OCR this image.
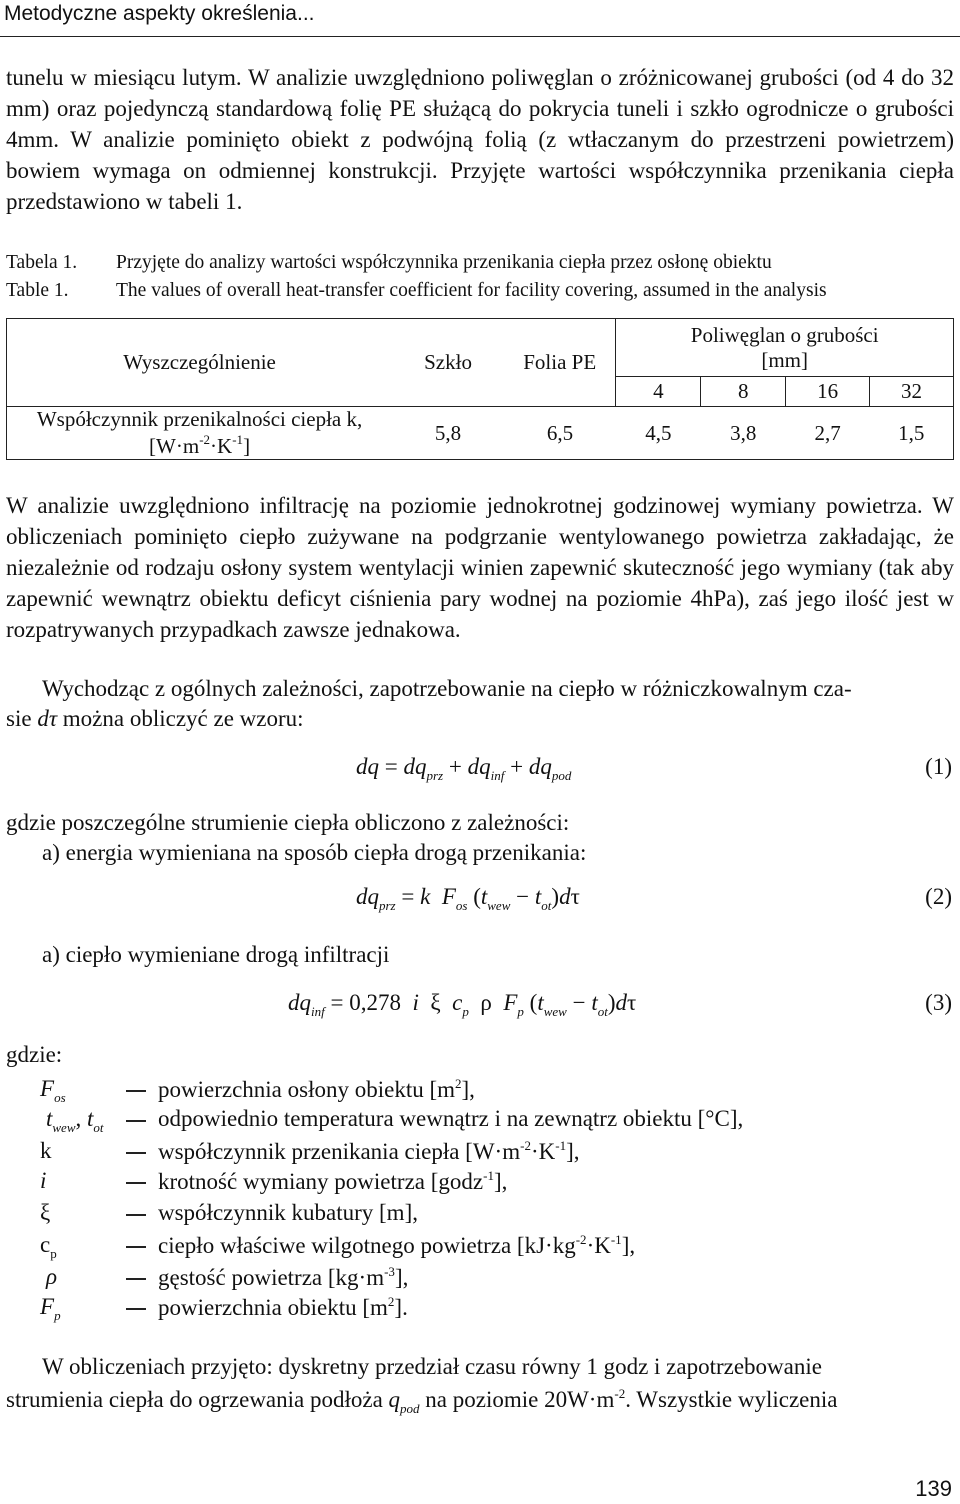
Metodyczne aspekty określenia...

tunelu w miesiącu lutym. W analizie uwzględniono poliwęglan o zróżnicowanej grubości (od 4 do 32 mm) oraz pojedynczą standardową folię PE służącą do pokrycia tuneli i szkło ogrodnicze o grubości 4mm. W analizie pominięto obiekt z podwójną folią (z wtłaczanym do przestrzeni powietrzem) bowiem wymaga on odmiennej konstrukcji. Przyjęte wartości współczynnika przenikania ciepła przedstawiono w tabeli 1.

Tabela 1. Przyjęte do analizy wartości współczynnika przenikania ciepła przez osłonę obiektu
Table 1. The values of overall heat-transfer coefficient for facility covering, assumed in the analysis
Wyszczególnienie	Szkło	Folia PE	Poliwęglan o grubości
[mm]			

			4	8	16	32

Współczynnik przenikalności ciepła k,
$[W\cdot m^{-2}\cdot K^{-1}]$	5,8	6,5	4,5	3,8	2,7	1,5

W analizie uwzględniono infiltrację na poziomie jednokrotnej godzinowej wymiany powietrza. W obliczeniach pominięto ciepło zużywane na podgrzanie wentylowanego powietrza zakładając, że niezależnie od rodzaju osłony system wentylacji winien zapewnić skuteczność jego wymiany (tak aby zapewnić wewnątrz obiektu deficyt ciśnienia pary wodnej na poziomie 4hPa), zaś jego ilość jest w rozpatrywanych przypadkach zawsze jednakowa.

Wychodząc z ogólnych zależności, zapotrzebowanie na ciepło w różniczkowalnym cza-
sie dτ można obliczyć ze wzoru:
dq = $dq_{prz} + dq_{inf} + dq_{pod}$	(1)
gdzie poszczególne strumienie ciepła obliczono z zależności:
a) energia wymieniana na sposób ciepła drogą przenikania:
$dq_{prz} = k$ $F_{os}$ $(t_{wew} - t_{ot})d\tau$	(2)
a) ciepło wymieniane drogą infiltracji
$dq_{inf} = 0,278$ i  ξ  $c_p$  ρ  $F_p$ $(t_{wew} - t_{ot})d\tau$	(3)
gdzie:
$F_{os}$	powierzchnia osłony obiektu $[m^2]$,
$t_{wew}$, $t_{ot}$ odpowiednio temperatura wewnątrz i na zewnątrz obiektu [°C],
k	współczynnik przenikania ciepła $[W\cdot m^{-2}\cdot K^{-1}]$,
i	krotność wymiany powietrza [godz$^{-1}$],
ξ	współczynnik kubatury [m],
$c_p$	ciepło właściwe wilgotnego powietrza $[kJ\cdot kg^{-2}\cdot K^{-1}]$,
ρ	gęstość powietrza $[kg\cdot m^{-3}]$,
$F_p$	powierzchnia obiektu $[m^2]$.
W obliczeniach przyjęto: dyskretny przedział czasu równy 1 godz i zapotrzebowanie
strumienia ciepła do ogrzewania podłoża $q_{pod}$ na poziomie $20W\cdot m^{-2}$. Wszystkie wyliczenia
139
